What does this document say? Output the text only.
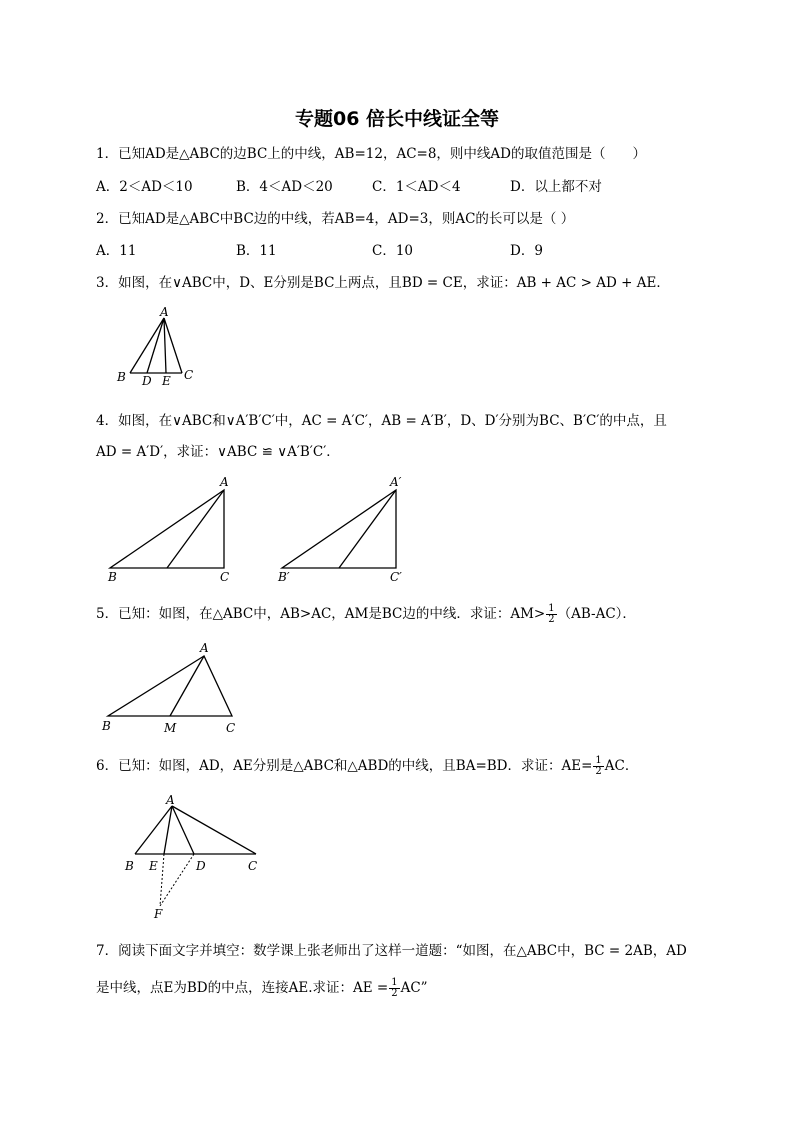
专题06 倍长中线证全等
1．已知AD是△ABC的边BC上的中线，AB=12，AC=8，则中线AD的取值范围是（　　）
A．2＜AD＜10	B．4＜AD＜20	C．1＜AD＜4	D．以上都不对
2．已知AD是△ABC中BC边的中线，若AB=4，AD=3，则AC的长可以是（ ）
A．11	B．11	C．10	D．9
3．如图，在∨ABC中，D、E分别是BC上两点，且BD = CE，求证：AB + AC > AD + AE．
A
B D E C
4．如图，在∨ABC和∨A′B′C′中，AC = A′C′，AB = A′B′，D、D′分别为BC、B′C′的中点，且
AD = A′D′，求证：∨ABC ≌ ∨A′B′C′．
A
B	C
A′
B′	C′
5．已知：如图，在△ABC中，AB>AC，AM是BC边的中线．求证：$AM> \frac{1}{2} (AB-AC)$．
A
B	M	C
6．已知：如图，AD，AE分别是△ABC和△ABD的中线，且BA=BD．求证：$AE= \frac{1}{2}$ AC．
A
B E	D	C
F
7．阅读下面文字并填空：数学课上张老师出了这样一道题：“如图，在△ABC中，BC = 2AB，AD
是中线，点E为BD的中点，连接AE.求证：AE = $\frac{1}{2}$ AC”
